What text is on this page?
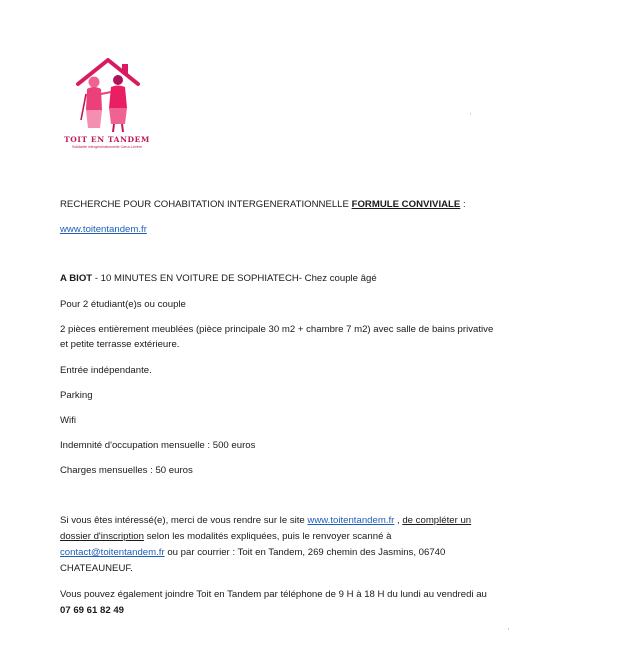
TOIT EN TANDEM
Solidarité intergénérationnelle Cœur-Lévère
RECHERCHE POUR COHABITATION INTERGENERATIONNELLE FORMULE CONVIVIALE :
www.toitentandem.fr
A BIOT - 10 MINUTES EN VOITURE DE SOPHIATECH- Chez couple âgé
Pour 2 étudiant(e)s ou couple
2 pièces entièrement meublées (pièce principale 30 m2 + chambre 7 m2) avec salle de bains privative
et petite terrasse extérieure.
Entrée indépendante.
Parking
Wifi
Indemnité d'occupation mensuelle : 500 euros
Charges mensuelles : 50 euros
Si vous êtes intéressé(e), merci de vous rendre sur le site www.toitentandem.fr , de compléter un
dossier d'inscription selon les modalités expliquées, puis le renvoyer scanné à
contact@toitentandem.fr ou par courrier : Toit en Tandem, 269 chemin des Jasmins, 06740
CHATEAUNEUF.
Vous pouvez également joindre Toit en Tandem par téléphone de 9 H à 18 H du lundi au vendredi au
07 69 61 82 49
